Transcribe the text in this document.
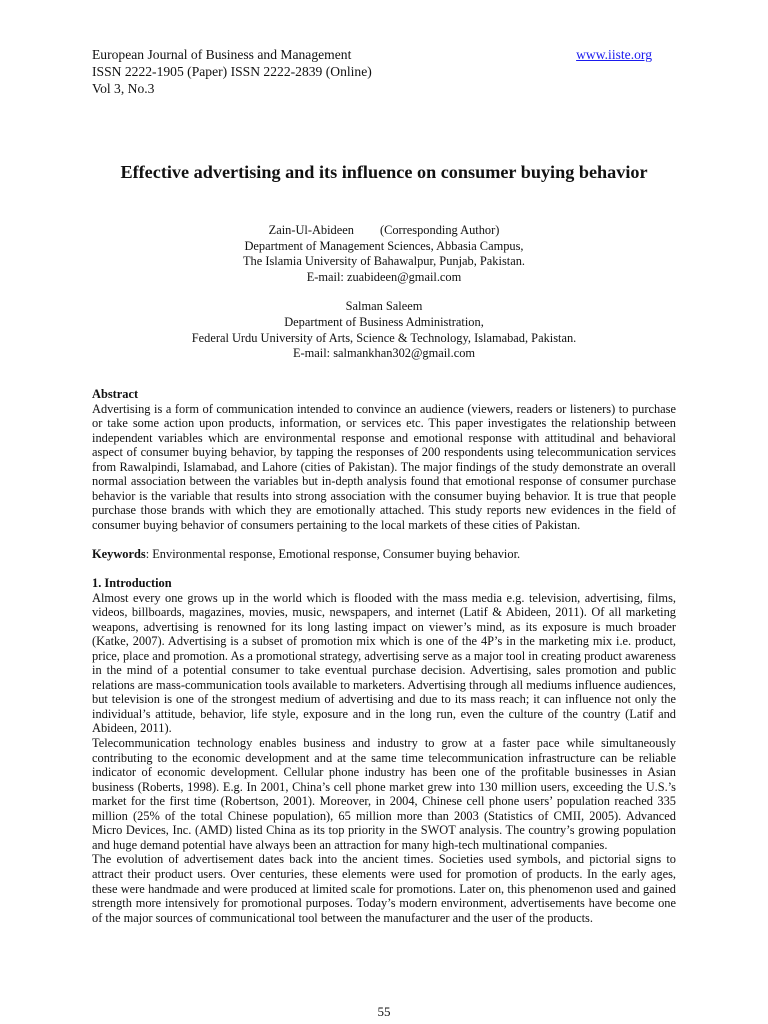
European Journal of Business and Management	www.iiste.org
ISSN 2222-1905 (Paper) ISSN 2222-2839 (Online)
Vol 3, No.3
Effective advertising and its influence on consumer buying behavior
Zain-Ul-Abideen (Corresponding Author)
Department of Management Sciences, Abbasia Campus,
The Islamia University of Bahawalpur, Punjab, Pakistan.
E-mail: zuabideen@gmail.com
Salman Saleem
Department of Business Administration,
Federal Urdu University of Arts, Science & Technology, Islamabad, Pakistan.
E-mail: salmankhan302@gmail.com
Abstract

Advertising is a form of communication intended to convince an audience (viewers, readers or listeners) to purchase or take some action upon products, information, or services etc. This paper investigates the relationship between independent variables which are environmental response and emotional response with attitudinal and behavioral aspect of consumer buying behavior, by tapping the responses of 200 respondents using telecommunication services from Rawalpindi, Islamabad, and Lahore (cities of Pakistan). The major findings of the study demonstrate an overall normal association between the variables but in-depth analysis found that emotional response of consumer purchase behavior is the variable that results into strong association with the consumer buying behavior. It is true that people purchase those brands with which they are emotionally attached. This study reports new evidences in the field of consumer buying behavior of consumers pertaining to the local markets of these cities of Pakistan.

Keywords: Environmental response, Emotional response, Consumer buying behavior.

1. Introduction

Almost every one grows up in the world which is flooded with the mass media e.g. television, advertising, films, videos, billboards, magazines, movies, music, newspapers, and internet (Latif & Abideen, 2011). Of all marketing weapons, advertising is renowned for its long lasting impact on viewer’s mind, as its exposure is much broader (Katke, 2007). Advertising is a subset of promotion mix which is one of the 4P’s in the marketing mix i.e. product, price, place and promotion. As a promotional strategy, advertising serve as a major tool in creating product awareness in the mind of a potential consumer to take eventual purchase decision. Advertising, sales promotion and public relations are mass-communication tools available to marketers. Advertising through all mediums influence audiences, but television is one of the strongest medium of advertising and due to its mass reach; it can influence not only the individual’s attitude, behavior, life style, exposure and in the long run, even the culture of the country (Latif and Abideen, 2011).

Telecommunication technology enables business and industry to grow at a faster pace while simultaneously contributing to the economic development and at the same time telecommunication infrastructure can be reliable indicator of economic development. Cellular phone industry has been one of the profitable businesses in Asian business (Roberts, 1998). E.g. In 2001, China’s cell phone market grew into 130 million users, exceeding the U.S.’s market for the first time (Robertson, 2001). Moreover, in 2004, Chinese cell phone users’ population reached 335 million (25% of the total Chinese population), 65 million more than 2003 (Statistics of CMII, 2005). Advanced Micro Devices, Inc. (AMD) listed China as its top priority in the SWOT analysis. The country’s growing population and huge demand potential have always been an attraction for many high-tech multinational companies.

The evolution of advertisement dates back into the ancient times. Societies used symbols, and pictorial signs to attract their product users. Over centuries, these elements were used for promotion of products. In the early ages, these were handmade and were produced at limited scale for promotions. Later on, this phenomenon used and gained strength more intensively for promotional purposes. Today’s modern environment, advertisements have become one of the major sources of communicational tool between the manufacturer and the user of the products.

55
